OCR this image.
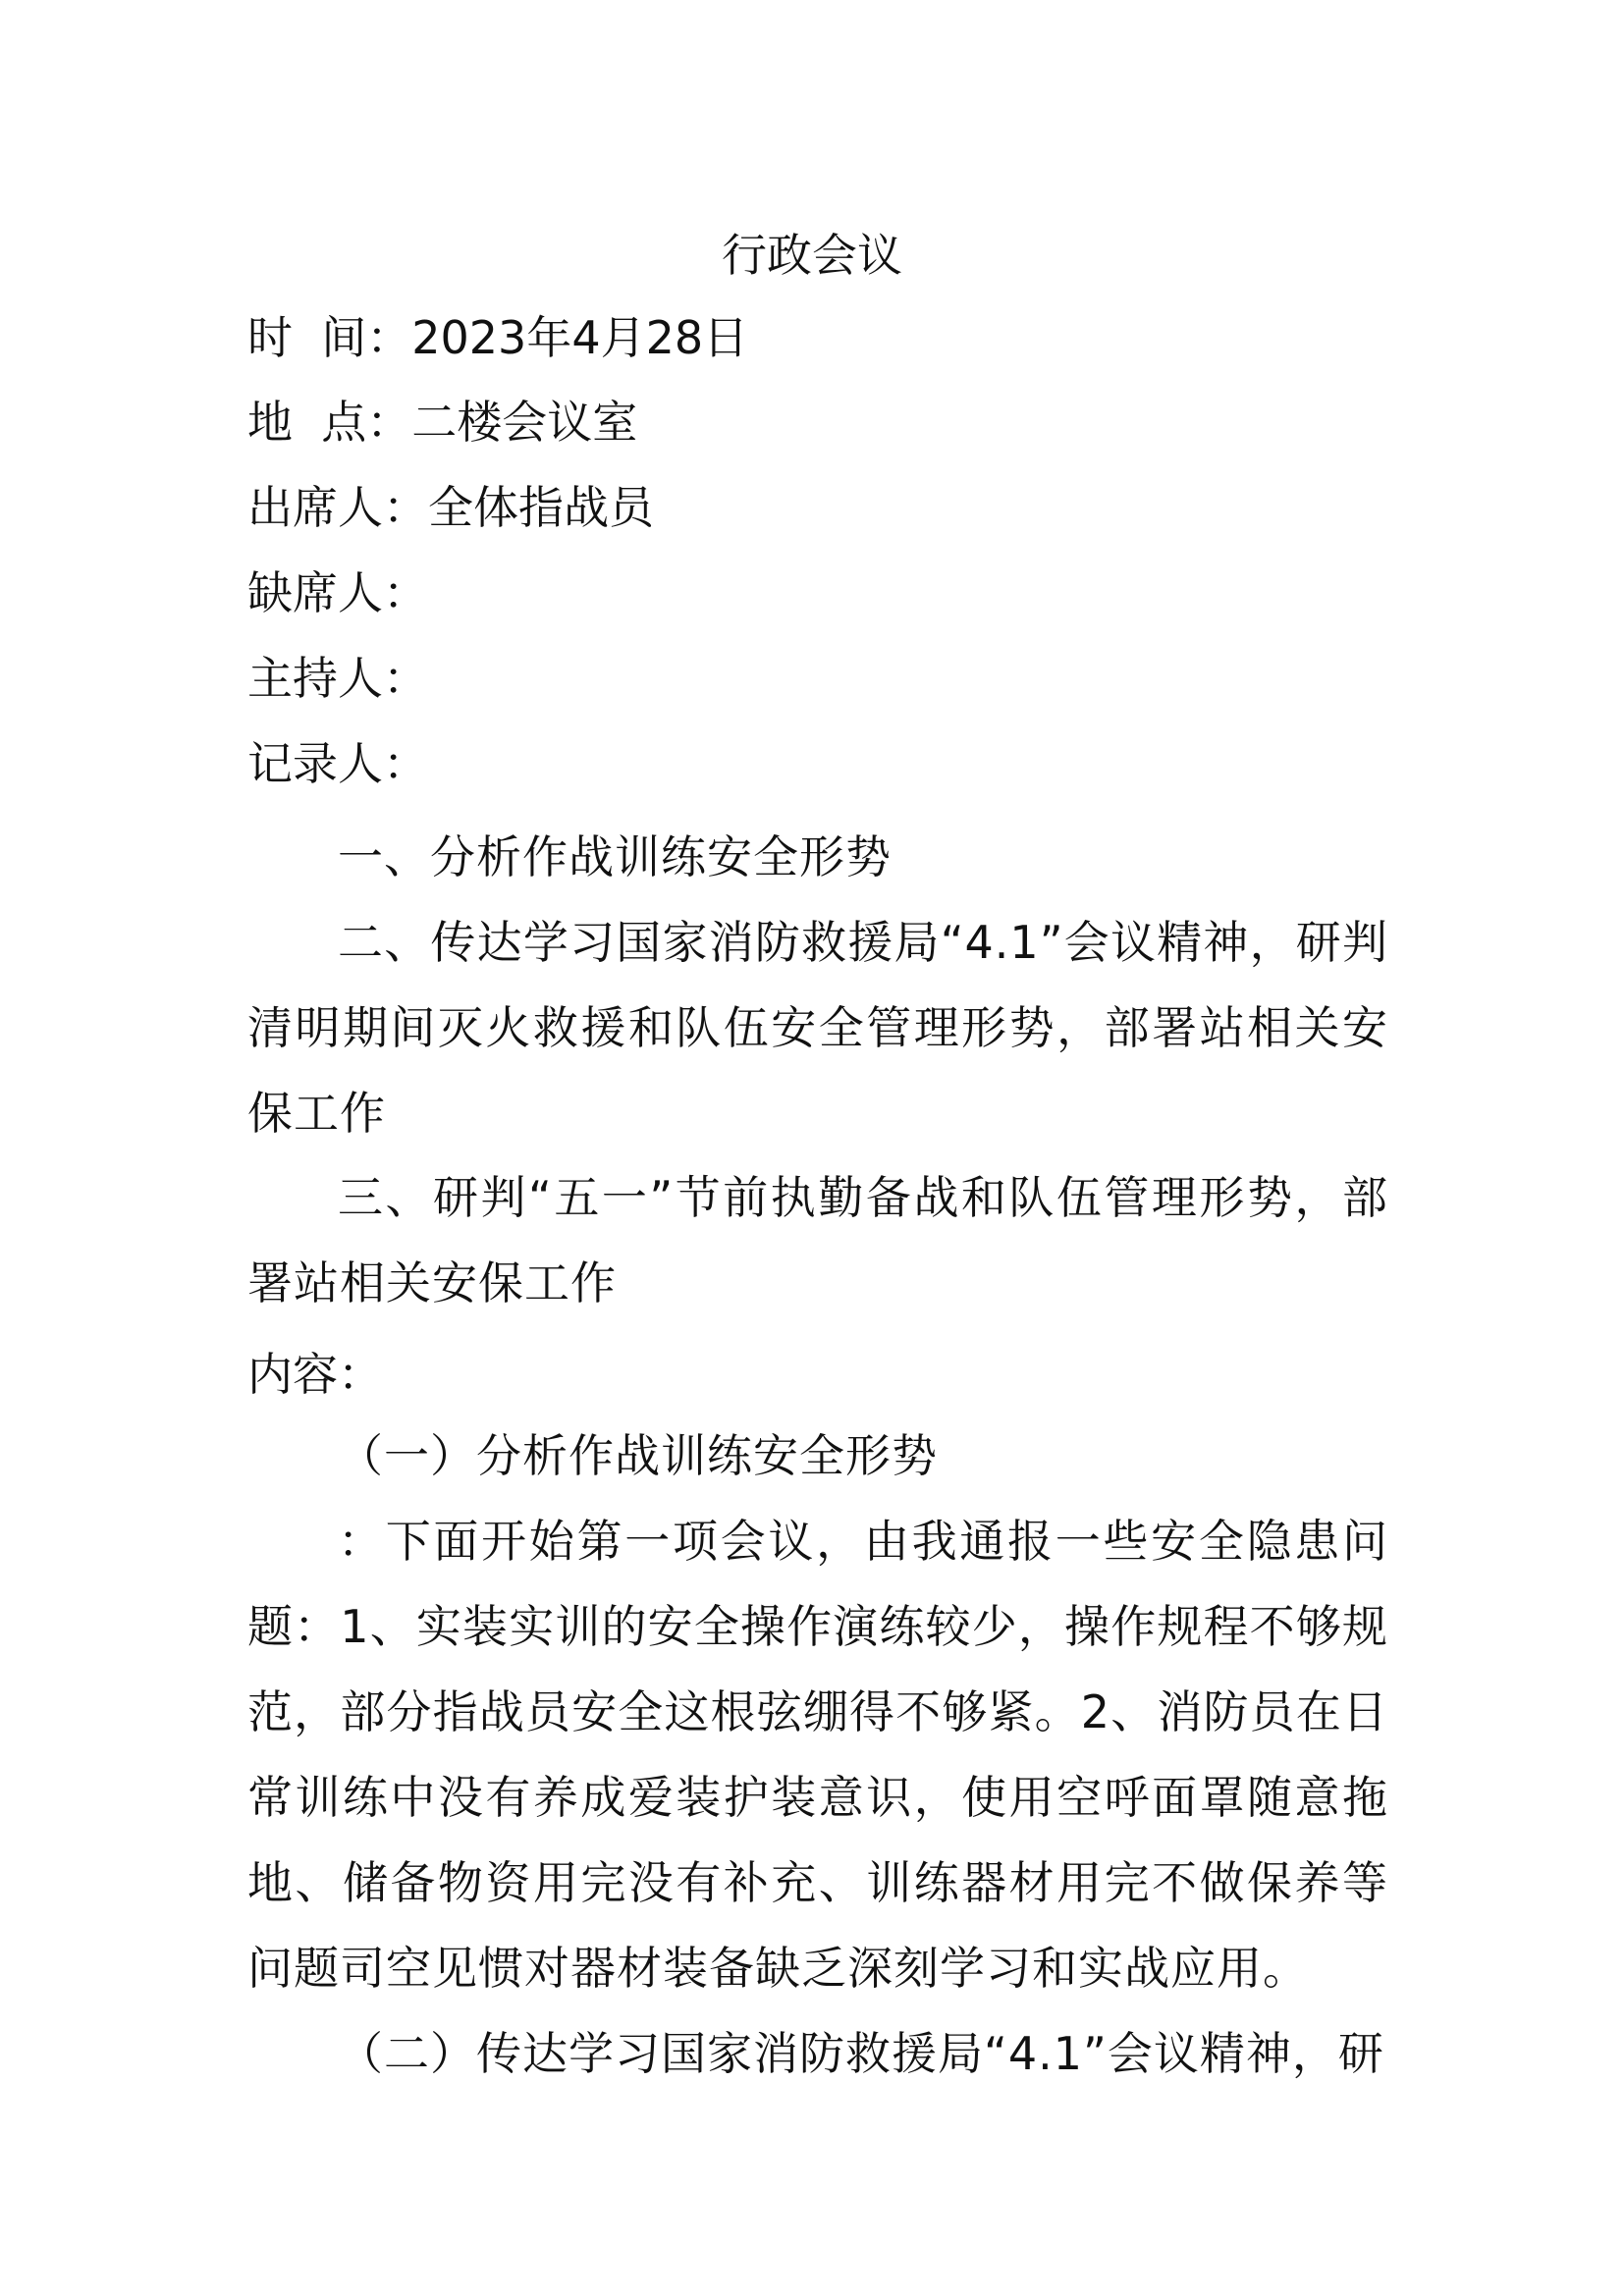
行政会议
时  间：2023年4月28日
地  点：二楼会议室
出席人：全体指战员
缺席人：
主持人：
记录人：
一、分析作战训练安全形势
二、传达学习国家消防救援局“4.1”会议精神，研判清明期间灭火救援和队伍安全管理形势，部署站相关安保工作
三、研判“五一”节前执勤备战和队伍管理形势，部署站相关安保工作
内容：
（一）分析作战训练安全形势
：下面开始第一项会议，由我通报一些安全隐患问题：1、实装实训的安全操作演练较少，操作规程不够规范，部分指战员安全这根弦绷得不够紧。2、消防员在日常训练中没有养成爱装护装意识，使用空呼面罩随意拖地、储备物资用完没有补充、训练器材用完不做保养等问题司空见惯对器材装备缺乏深刻学习和实战应用。
（二）传达学习国家消防救援局“4.1”会议精神，研
